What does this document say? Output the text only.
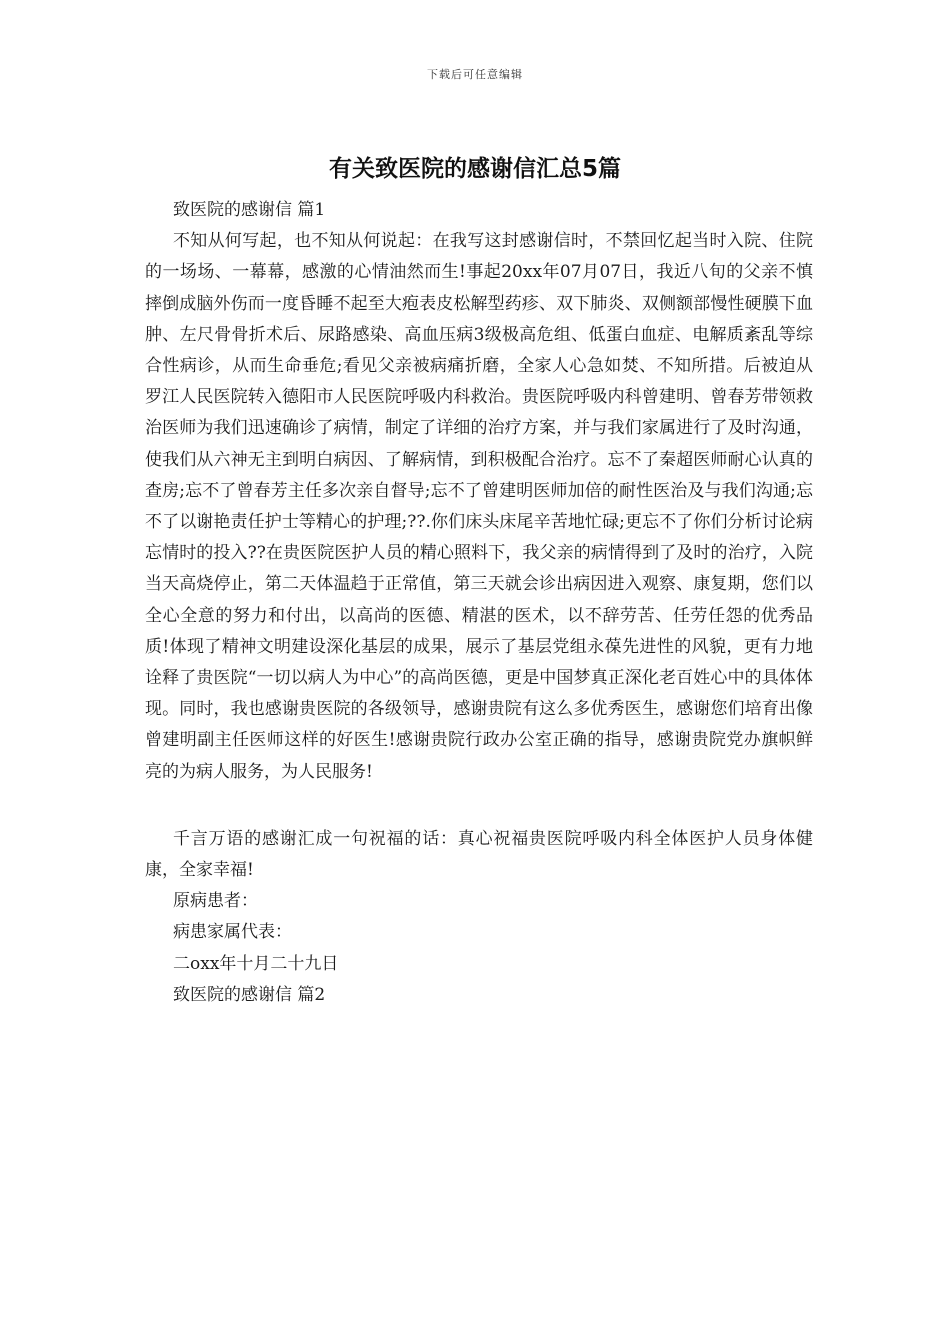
下载后可任意编辑
有关致医院的感谢信汇总5篇

致医院的感谢信 篇1

不知从何写起，也不知从何说起：在我写这封感谢信时，不禁回忆起当时入院、住院的一场场、一幕幕，感激的心情油然而生!事起20xx年07月07日，我近八旬的父亲不慎摔倒成脑外伤而一度昏睡不起至大疱表皮松解型药疹、双下肺炎、双侧额部慢性硬膜下血肿、左尺骨骨折术后、尿路感染、高血压病3级极高危组、低蛋白血症、电解质紊乱等综合性病诊，从而生命垂危;看见父亲被病痛折磨，全家人心急如焚、不知所措。后被迫从罗江人民医院转入德阳市人民医院呼吸内科救治。贵医院呼吸内科曾建明、曾春芳带领救治医师为我们迅速确诊了病情，制定了详细的治疗方案，并与我们家属进行了及时沟通，使我们从六神无主到明白病因、了解病情，到积极配合治疗。忘不了秦超医师耐心认真的查房;忘不了曾春芳主任多次亲自督导;忘不了曾建明医师加倍的耐性医治及与我们沟通;忘不了以谢艳责任护士等精心的护理;??.你们床头床尾辛苦地忙碌;更忘不了你们分析讨论病忘情时的投入??在贵医院医护人员的精心照料下，我父亲的病情得到了及时的治疗，入院当天高烧停止，第二天体温趋于正常值，第三天就会诊出病因进入观察、康复期，您们以全心全意的努力和付出，以高尚的医德、精湛的医术，以不辞劳苦、任劳任怨的优秀品质!体现了精神文明建设深化基层的成果，展示了基层党组永葆先进性的风貌，更有力地诠释了贵医院“一切以病人为中心”的高尚医德，更是中国梦真正深化老百姓心中的具体体现。同时，我也感谢贵医院的各级领导，感谢贵院有这么多优秀医生，感谢您们培育出像曾建明副主任医师这样的好医生!感谢贵院行政办公室正确的指导，感谢贵院党办旗帜鲜亮的为病人服务，为人民服务!

千言万语的感谢汇成一句祝福的话：真心祝福贵医院呼吸内科全体医护人员身体健康，全家幸福!

原病患者：

病患家属代表：

二oxx年十月二十九日

致医院的感谢信 篇2
